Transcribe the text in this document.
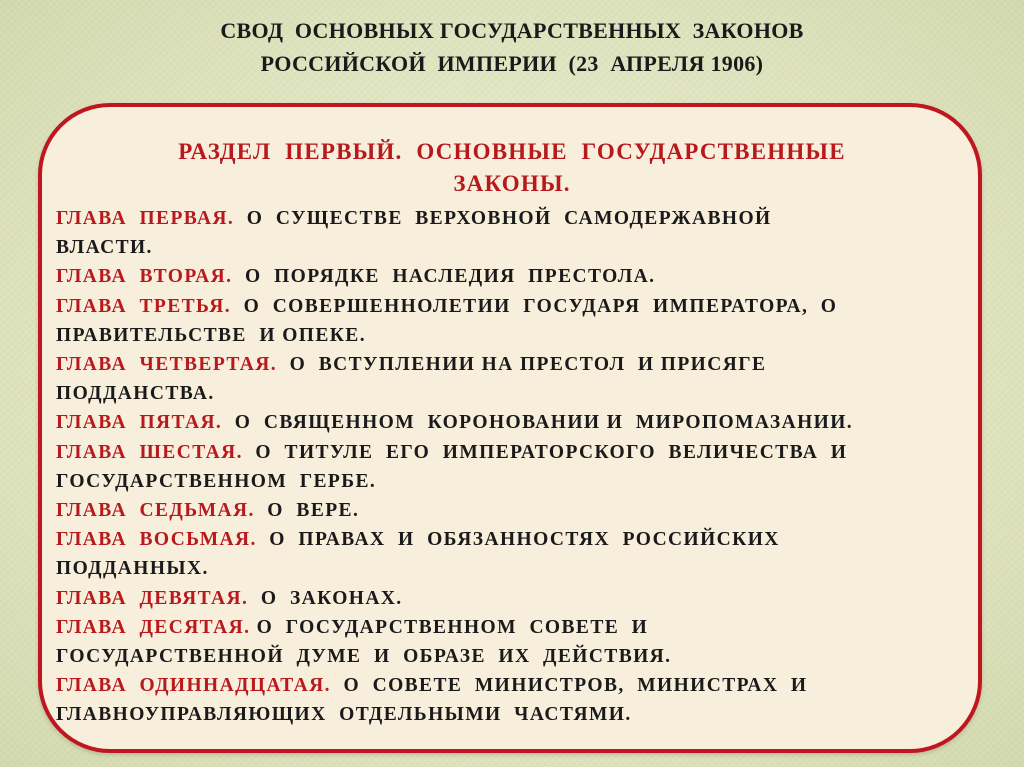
СВОД  ОСНОВНЫХ ГОСУДАРСТВЕННЫХ  ЗАКОНОВ
РОССИЙСКОЙ  ИМПЕРИИ  (23  АПРЕЛЯ 1906)
РАЗДЕЛ  ПЕРВЫЙ.  ОСНОВНЫЕ  ГОСУДАРСТВЕННЫЕ
ЗАКОНЫ.
ГЛАВА  ПЕРВАЯ.  О  СУЩЕСТВЕ  ВЕРХОВНОЙ  САМОДЕРЖАВНОЙ
ВЛАСТИ.
ГЛАВА  ВТОРАЯ.  О  ПОРЯДКЕ  НАСЛЕДИЯ  ПРЕСТОЛА.
ГЛАВА  ТРЕТЬЯ.  О  СОВЕРШЕННОЛЕТИИ  ГОСУДАРЯ  ИМПЕРАТОРА,  О
ПРАВИТЕЛЬСТВЕ  И ОПЕКЕ.
ГЛАВА  ЧЕТВЕРТАЯ.  О  ВСТУПЛЕНИИ НА ПРЕСТОЛ  И ПРИСЯГЕ
ПОДДАНСТВА.
ГЛАВА  ПЯТАЯ.  О  СВЯЩЕННОМ  КОРОНОВАНИИ И  МИРОПОМАЗАНИИ.
ГЛАВА  ШЕСТАЯ.  О  ТИТУЛЕ  ЕГО  ИМПЕРАТОРСКОГО  ВЕЛИЧЕСТВА  И
ГОСУДАРСТВЕННОМ  ГЕРБЕ.
ГЛАВА  СЕДЬМАЯ.  О  ВЕРЕ.
ГЛАВА  ВОСЬМАЯ.  О  ПРАВАХ  И  ОБЯЗАННОСТЯХ  РОССИЙСКИХ
ПОДДАННЫХ.
ГЛАВА  ДЕВЯТАЯ.  О  ЗАКОНАХ.
ГЛАВА  ДЕСЯТАЯ. О  ГОСУДАРСТВЕННОМ  СОВЕТЕ  И
ГОСУДАРСТВЕННОЙ  ДУМЕ  И  ОБРАЗЕ  ИХ  ДЕЙСТВИЯ.
ГЛАВА  ОДИННАДЦАТАЯ.  О  СОВЕТЕ  МИНИСТРОВ,  МИНИСТРАХ  И
ГЛАВНОУПРАВЛЯЮЩИХ  ОТДЕЛЬНЫМИ  ЧАСТЯМИ.
